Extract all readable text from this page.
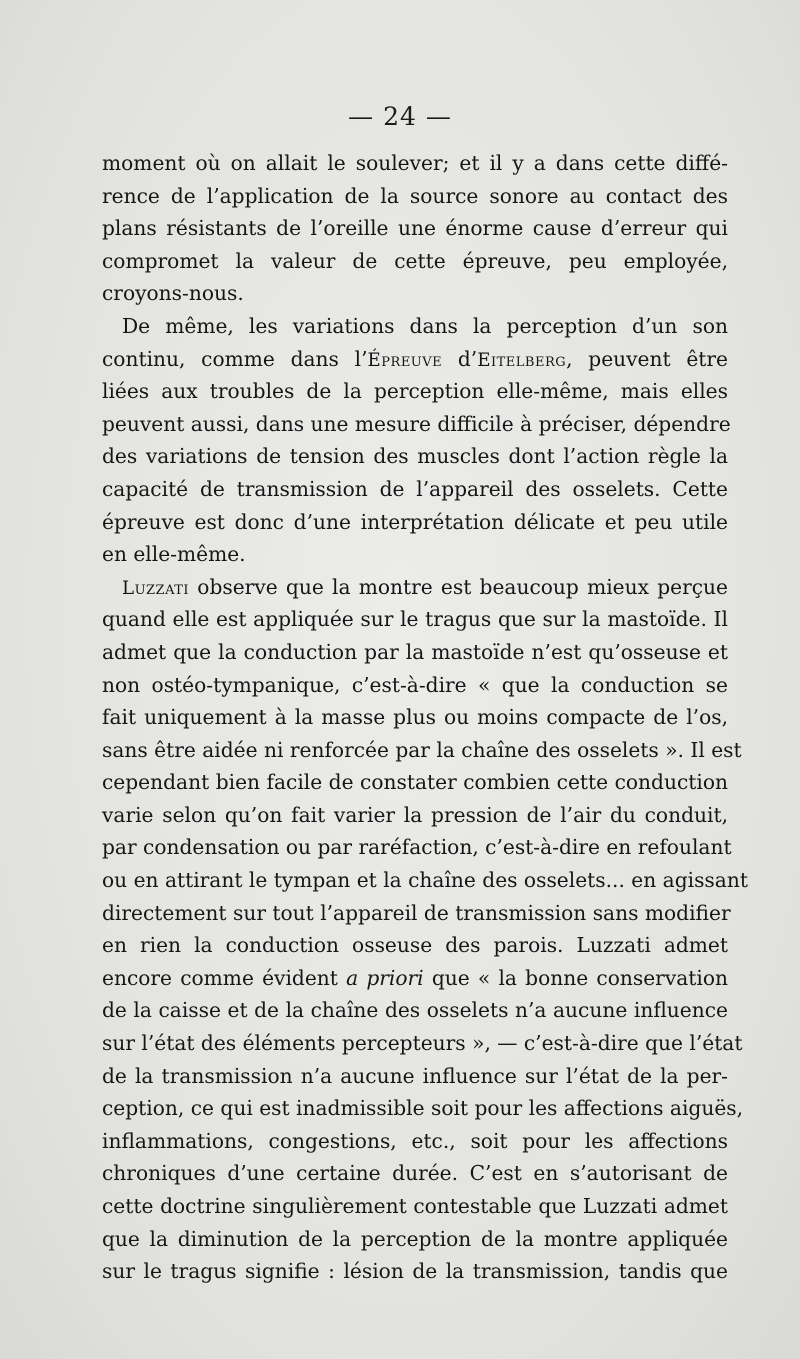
— 24 —
moment où on allait le soulever; et il y a dans cette diffé-
rence de l’application de la source sonore au contact des
plans résistants de l’oreille une énorme cause d’erreur qui
compromet la valeur de cette épreuve, peu employée,
croyons-nous.
De même, les variations dans la perception d’un son
continu, comme dans l’Épreuve d’Eitelberg, peuvent être
liées aux troubles de la perception elle-même, mais elles
peuvent aussi, dans une mesure difficile à préciser, dépendre
des variations de tension des muscles dont l’action règle la
capacité de transmission de l’appareil des osselets. Cette
épreuve est donc d’une interprétation délicate et peu utile
en elle-même.
Luzzati observe que la montre est beaucoup mieux perçue
quand elle est appliquée sur le tragus que sur la mastoïde. Il
admet que la conduction par la mastoïde n’est qu’osseuse et
non ostéo-tympanique, c’est-à-dire « que la conduction se
fait uniquement à la masse plus ou moins compacte de l’os,
sans être aidée ni renforcée par la chaîne des osselets ». Il est
cependant bien facile de constater combien cette conduction
varie selon qu’on fait varier la pression de l’air du conduit,
par condensation ou par raréfaction, c’est-à-dire en refoulant
ou en attirant le tympan et la chaîne des osselets... en agissant
directement sur tout l’appareil de transmission sans modifier
en rien la conduction osseuse des parois. Luzzati admet
encore comme évident a priori que « la bonne conservation
de la caisse et de la chaîne des osselets n’a aucune influence
sur l’état des éléments percepteurs », — c’est-à-dire que l’état
de la transmission n’a aucune influence sur l’état de la per-
ception, ce qui est inadmissible soit pour les affections aiguës,
inflammations, congestions, etc., soit pour les affections
chroniques d’une certaine durée. C’est en s’autorisant de
cette doctrine singulièrement contestable que Luzzati admet
que la diminution de la perception de la montre appliquée
sur le tragus signifie : lésion de la transmission, tandis que
